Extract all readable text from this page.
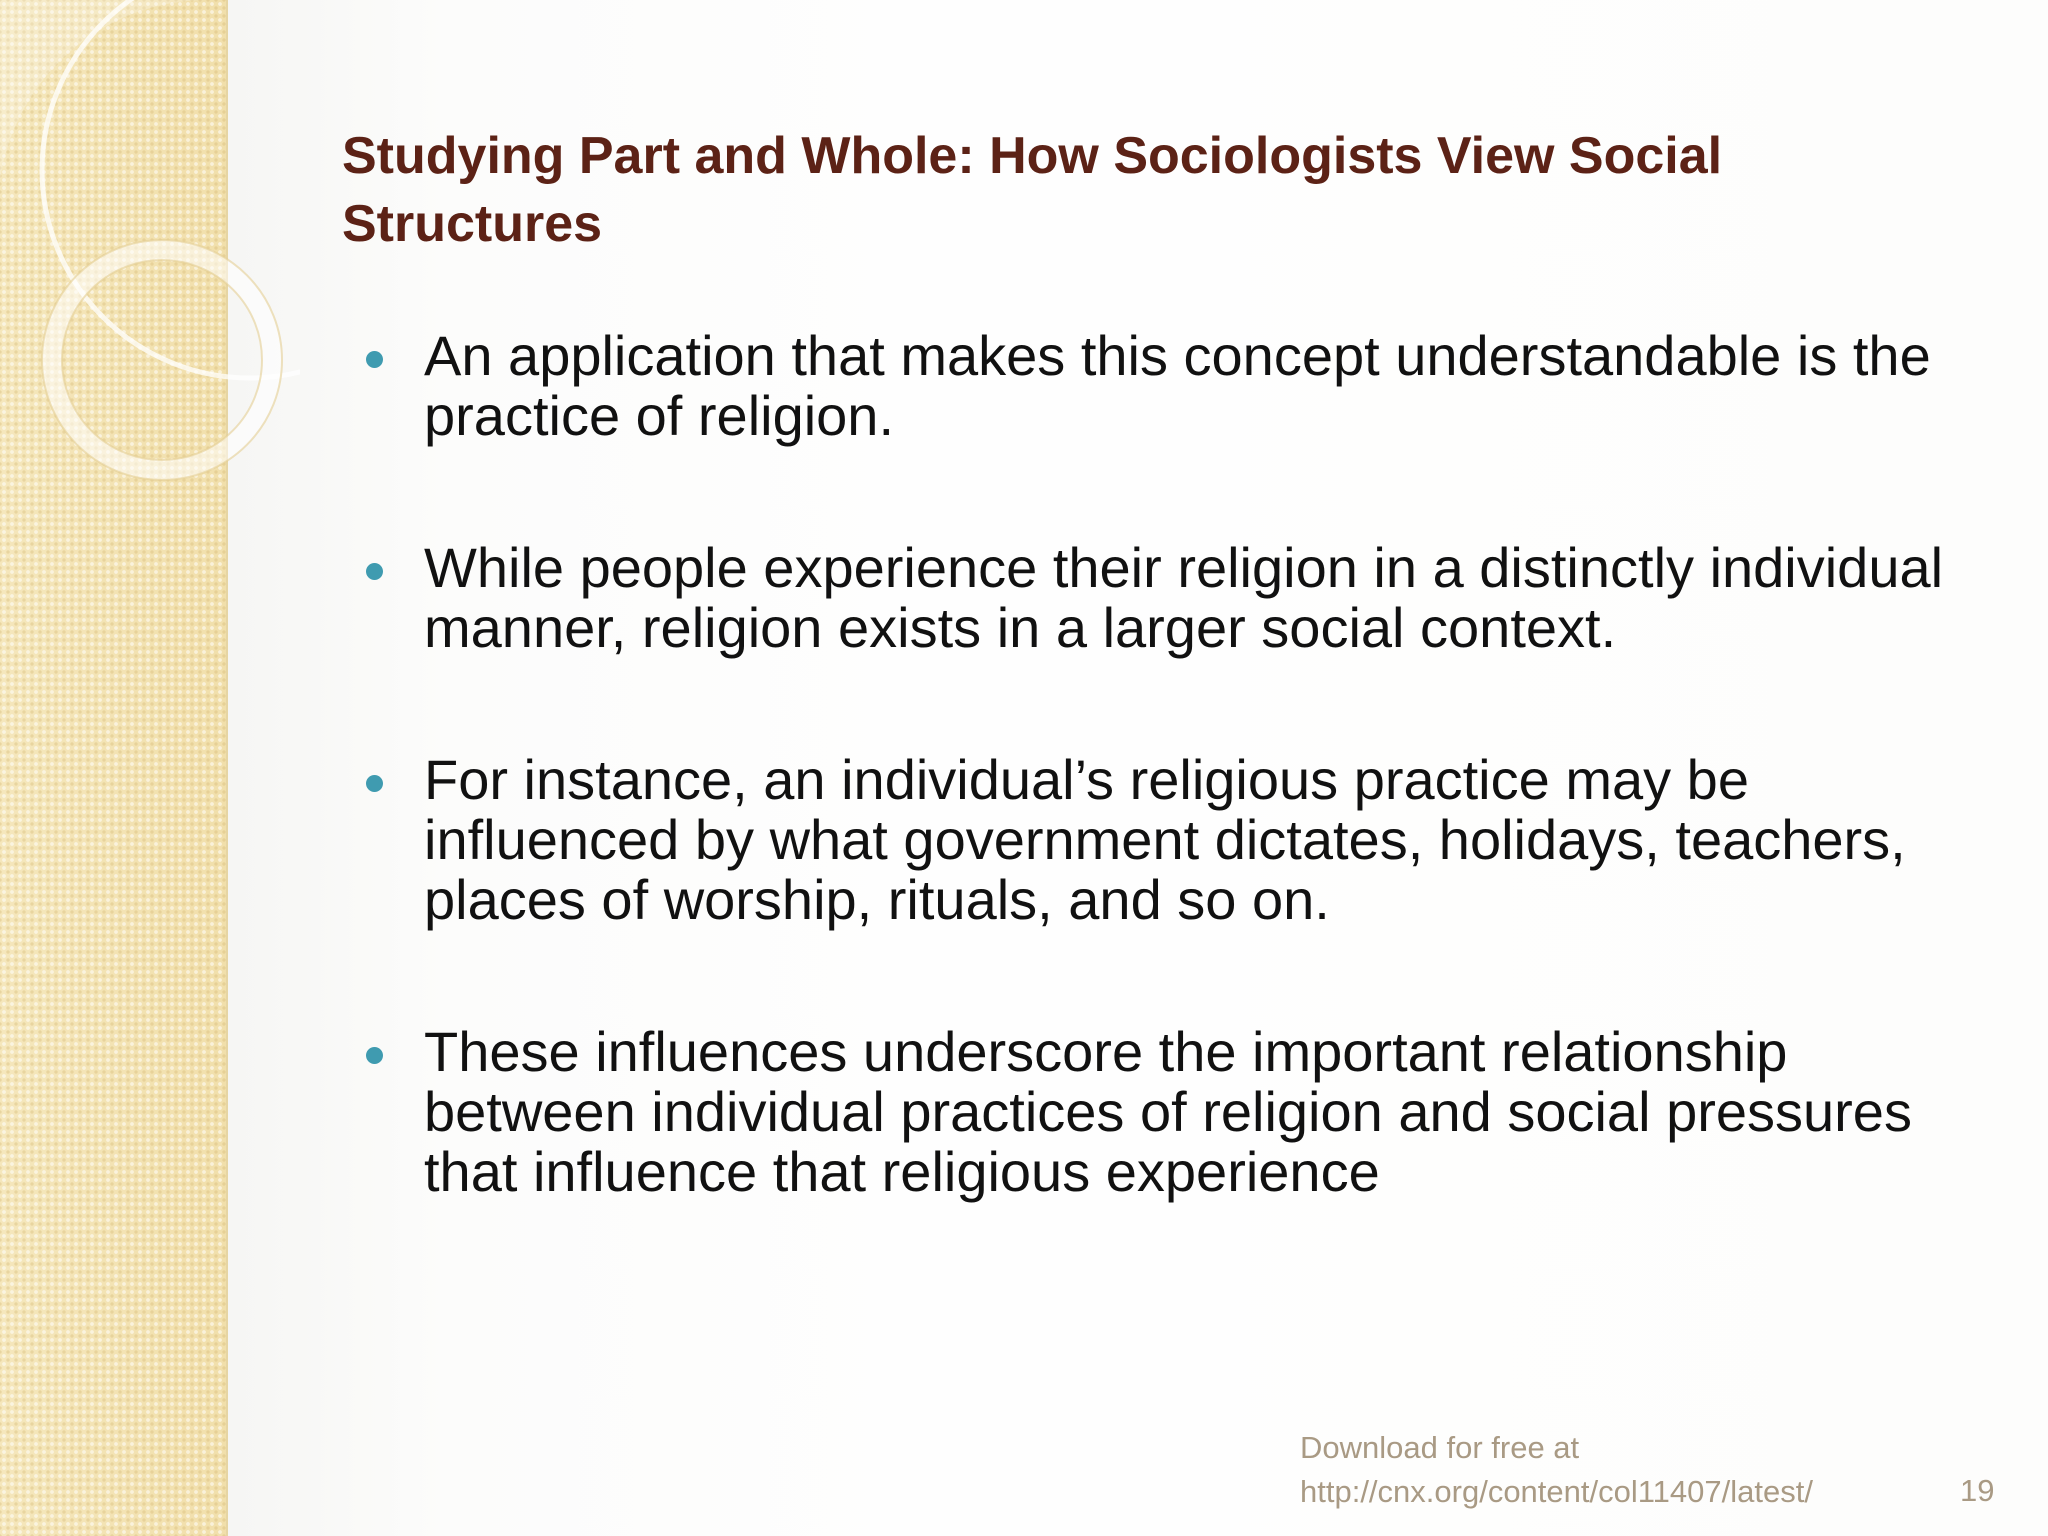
Studying Part and Whole: How Sociologists View Social Structures
An application that makes this concept understandable is the practice of religion.
While people experience their religion in a distinctly individual manner, religion exists in a larger social context.
For instance, an individual’s religious practice may be influenced by what government dictates, holidays, teachers, places of worship, rituals, and so on.
These influences underscore the important relationship between individual practices of religion and social pressures that influence that religious experience
Download for free at
http://cnx.org/content/col11407/latest/	19
